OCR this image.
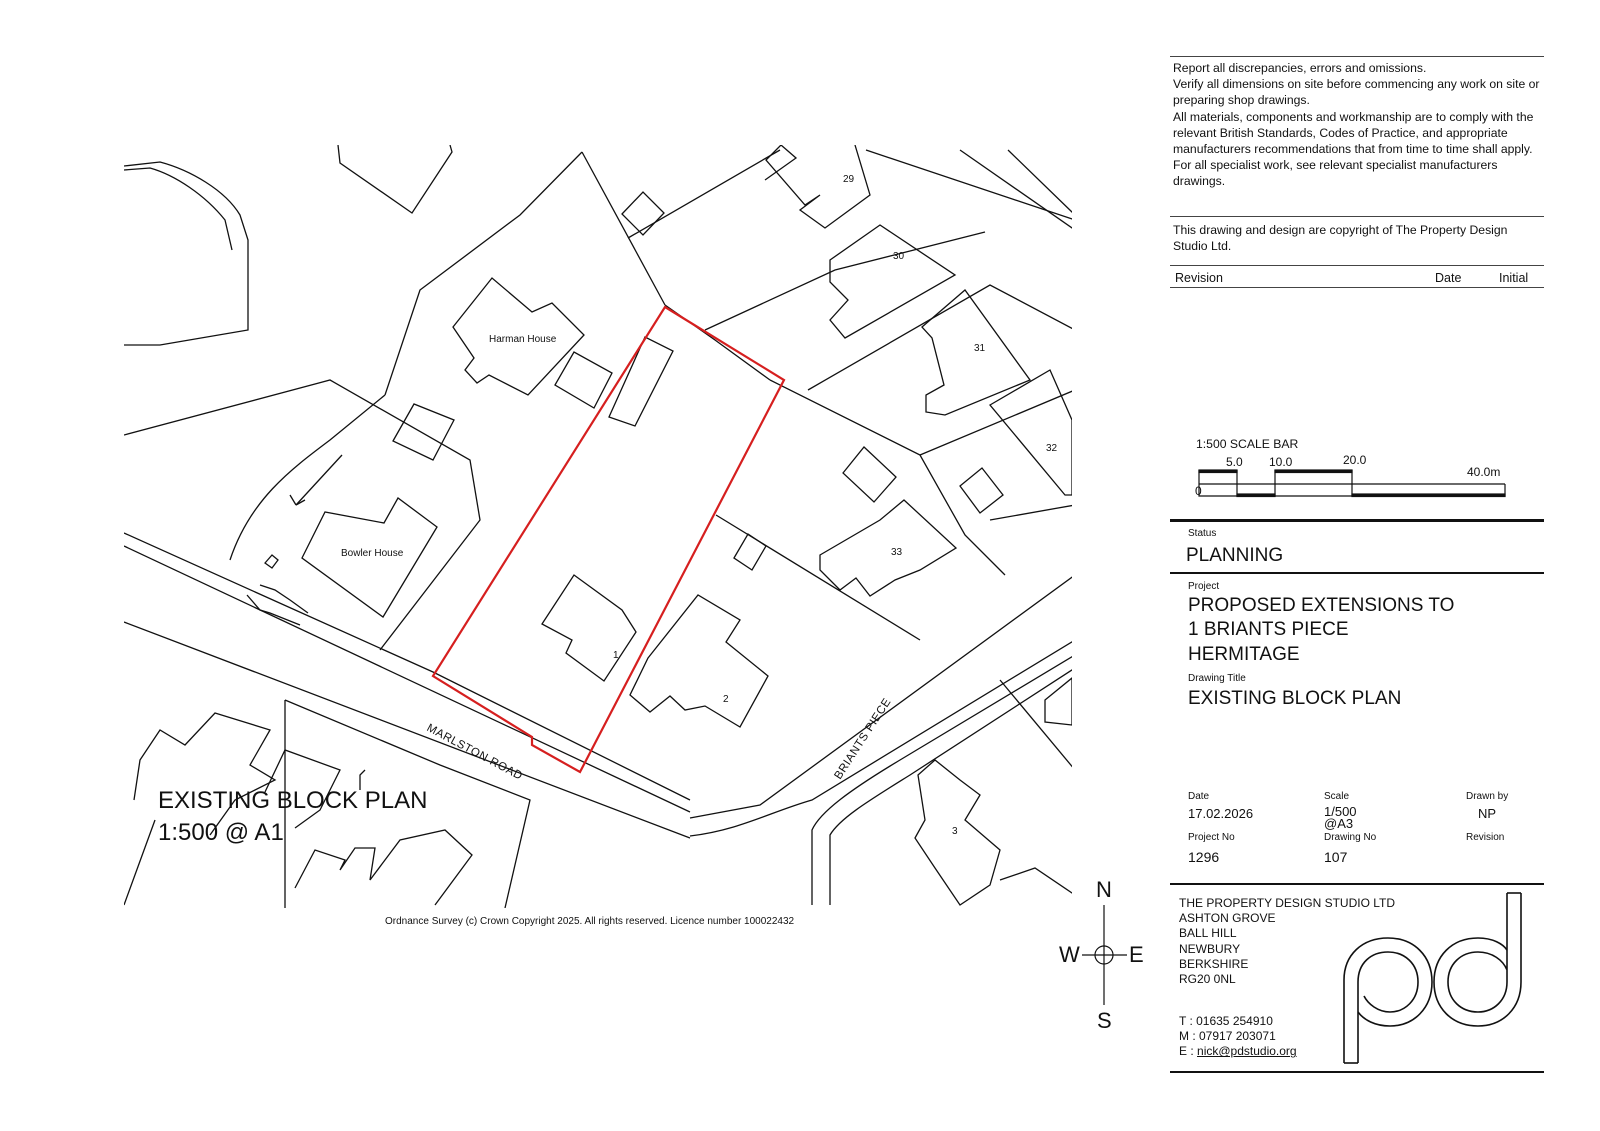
Harman House
Bowler House
1
2
3
29
30
31
32
33
MARLSTON ROAD	BRIANTS PIECE
EXISTING BLOCK PLAN
1:500 @ A1
Ordnance Survey (c) Crown Copyright 2025. All rights reserved. Licence number 100022432

Report all discrepancies, errors and omissions.

Verify all dimensions on site before commencing any work on site or preparing shop drawings.

All materials, components and workmanship are to comply with the relevant British Standards, Codes of Practice, and appropriate manufacturers recommendations that from time to time shall apply.

For all specialist work, see relevant specialist manufacturers drawings.

This drawing and design are copyright of The Property Design Studio Ltd.
Revision	Date	Initial
1:500 SCALE BAR
0
5.0 10.0	20.0
40.0m
Status
PLANNING
Project
PROPOSED EXTENSIONS TO
1 BRIANTS PIECE
HERMITAGE
Drawing Title
EXISTING BLOCK PLAN
Date
17.02.2026
Scale
1/500
@A3
Drawn by
NP
Project No
1296
Drawing No
107
Revision
THE PROPERTY DESIGN STUDIO LTD
ASHTON GROVE
BALL HILL
NEWBURY
BERKSHIRE
RG20 0NL
T : 01635 254910
M : 07917 203071
E : nick@pdstudio.org
N
S
E
W
